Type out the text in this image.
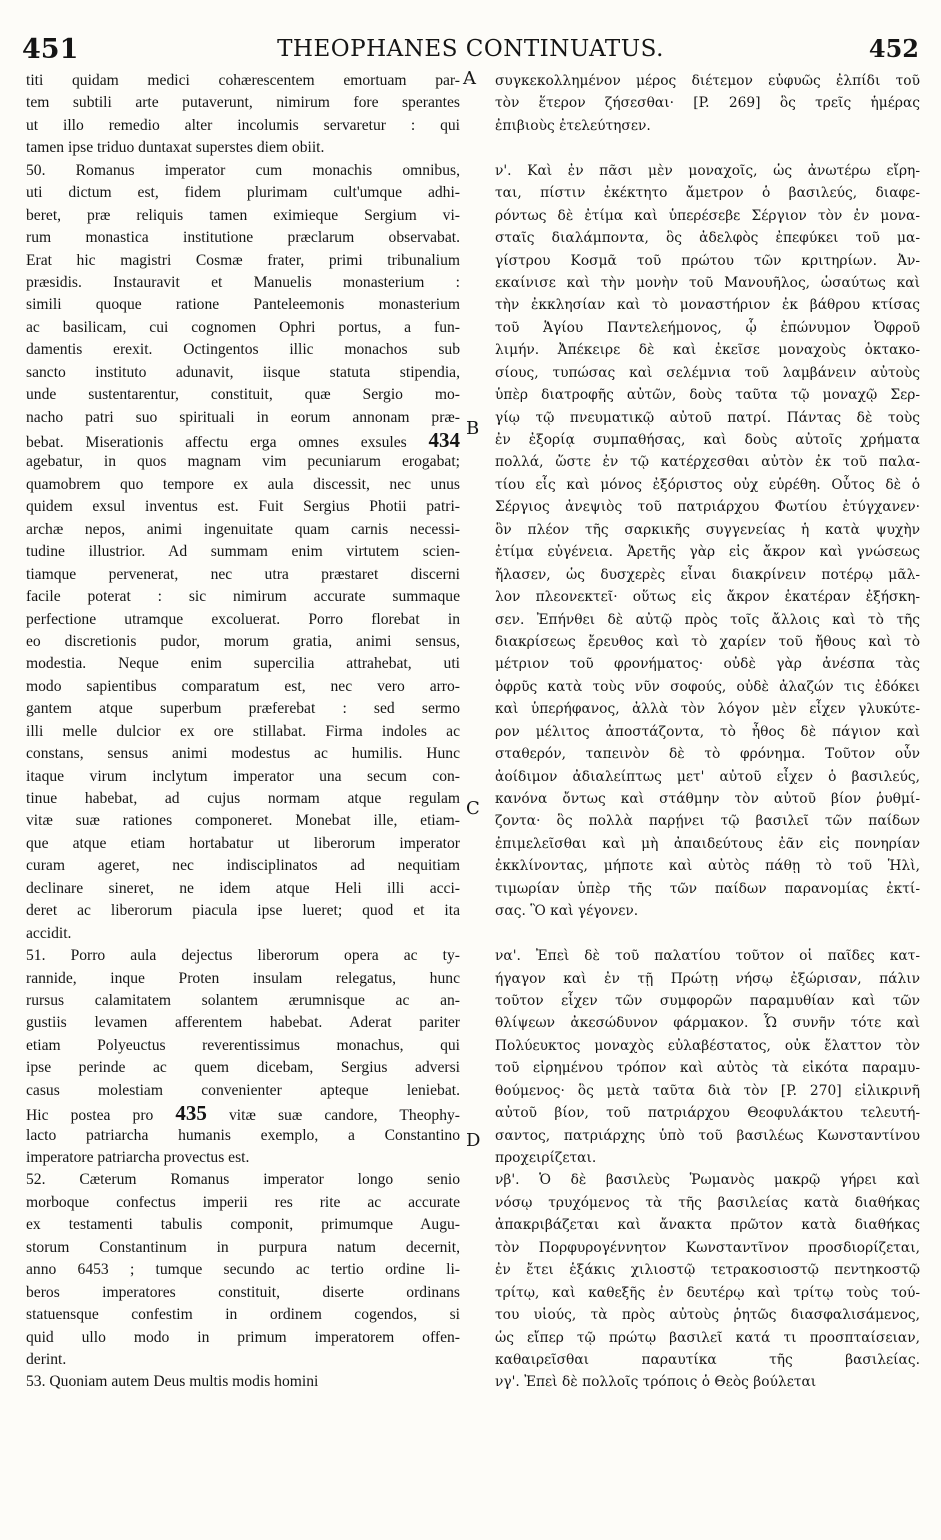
451	THEOPHANES CONTINUATUS.	452
titi quidam medici cohærescentem emortuam par-
tem subtili arte putaverunt, nimirum fore sperantes
ut illo remedio alter incolumis servaretur : qui
tamen ipse triduo duntaxat superstes diem obiit.
50. Romanus imperator cum monachis omnibus,
uti dictum est, fidem plurimam cult'umque adhi-
beret, præ reliquis tamen eximieque Sergium vi-
rum monastica institutione præclarum observabat.
Erat hic magistri Cosmæ frater, primi tribunalium
præsidis. Instauravit et Manuelis monasterium :
simili quoque ratione Panteleemonis monasterium
ac basilicam, cui cognomen Ophri portus, a fun-
damentis erexit. Octingentos illic monachos sub
sancto instituto adunavit, iisque statuta stipendia,
unde sustentarentur, constituit, quæ Sergio mo-
nacho patri suo spirituali in eorum annonam præ-
bebat. Miserationis affectu erga omnes exsules 434
agebatur, in quos magnam vim pecuniarum erogabat;
quamobrem quo tempore ex aula discessit, nec unus
quidem exsul inventus est. Fuit Sergius Photii patri-
archæ nepos, animi ingenuitate quam carnis necessi-
tudine illustrior. Ad summam enim virtutem scien-
tiamque pervenerat, nec utra præstaret discerni
facile poterat : sic nimirum accurate summaque
perfectione utramque excoluerat. Porro florebat in
eo discretionis pudor, morum gratia, animi sensus,
modestia. Neque enim supercilia attrahebat, uti
modo sapientibus comparatum est, nec vero arro-
gantem atque superbum præferebat : sed sermo
illi melle dulcior ex ore stillabat. Firma indoles ac
constans, sensus animi modestus ac humilis. Hunc
itaque virum inclytum imperator una secum con-
tinue habebat, ad cujus normam atque regulam
vitæ suæ rationes componeret. Monebat ille, etiam-
que atque etiam hortabatur ut liberorum imperator
curam ageret, nec indisciplinatos ad nequitiam
declinare sineret, ne idem atque Heli illi acci-
deret ac liberorum piacula ipse lueret; quod et ita
accidit.
51. Porro aula dejectus liberorum opera ac ty-
rannide, inque Proten insulam relegatus, hunc
rursus calamitatem solantem ærumnisque ac an-
gustiis levamen afferentem habebat. Aderat pariter
etiam Polyeuctus reverentissimus monachus, qui
ipse perinde ac quem dicebam, Sergius adversi
casus molestiam convenienter apteque leniebat.
Hic postea pro 435 vitæ suæ candore, Theophy-
lacto patriarcha humanis exemplo, a Constantino
imperatore patriarcha provectus est.
52. Cæterum Romanus imperator longo senio
morboque confectus imperii res rite ac accurate
ex testamenti tabulis componit, primumque Augu-
storum Constantinum in purpura natum decernit,
anno 6453 ; tumque secundo ac tertio ordine li-
beros imperatores constituit, diserte ordinans
statuensque confestim in ordinem cogendos, si
quid ullo modo in primum imperatorem offen-
derint.
53. Quoniam autem Deus multis modis homini
συγκεκολλημένον μέρος διέτεμον εὐφυῶς ἐλπίδι τοῦ
τὸν ἕτερον ζήσεσθαι· [P. 269] ὃς τρεῖς ἡμέρας
ἐπιβιοὺς ἐτελεύτησεν.
ν'. Καὶ ἐν πᾶσι μὲν μοναχοῖς, ὡς ἀνωτέρω εἴρη-
ται, πίστιν ἐκέκτητο ἄμετρον ὁ βασιλεύς, διαφε-
ρόντως δὲ ἐτίμα καὶ ὑπερέσεβε Σέργιον τὸν ἐν μονα-
σταῖς διαλάμποντα, ὃς ἀδελφὸς ἐπεφύκει τοῦ μα-
γίστρου Κοσμᾶ τοῦ πρώτου τῶν κριτηρίων. Ἀν-
εκαίνισε καὶ τὴν μονὴν τοῦ Μανουῆλος, ὡσαύτως καὶ
τὴν ἐκκλησίαν καὶ τὸ μοναστήριον ἐκ βάθρου κτίσας
τοῦ Ἁγίου Παντελεήμονος, ᾧ ἐπώνυμον Ὀφροῦ
λιμήν. Ἀπέκειρε δὲ καὶ ἐκεῖσε μοναχοὺς ὀκτακο-
σίους, τυπώσας καὶ σελέμνια τοῦ λαμβάνειν αὐτοὺς
ὑπὲρ διατροφῆς αὐτῶν, δοὺς ταῦτα τῷ μοναχῷ Σερ-
γίῳ τῷ πνευματικῷ αὐτοῦ πατρί. Πάντας δὲ τοὺς
ἐν ἐξορίᾳ συμπαθήσας, καὶ δοὺς αὐτοῖς χρήματα
πολλά, ὥστε ἐν τῷ κατέρχεσθαι αὐτὸν ἐκ τοῦ παλα-
τίου εἷς καὶ μόνος ἐξόριστος οὐχ εὑρέθη. Οὗτος δὲ ὁ
Σέργιος ἀνεψιὸς τοῦ πατριάρχου Φωτίου ἐτύγχανεν·
ὃν πλέον τῆς σαρκικῆς συγγενείας ἡ κατὰ ψυχὴν
ἐτίμα εὐγένεια. Ἀρετῆς γὰρ εἰς ἄκρον καὶ γνώσεως
ἤλασεν, ὡς δυσχερὲς εἶναι διακρίνειν ποτέρῳ μᾶλ-
λον πλεονεκτεῖ· οὕτως εἰς ἄκρον ἑκατέραν ἐξήσκη-
σεν. Ἐπήνθει δὲ αὐτῷ πρὸς τοῖς ἄλλοις καὶ τὸ τῆς
διακρίσεως ἔρευθος καὶ τὸ χαρίεν τοῦ ἤθους καὶ τὸ
μέτριον τοῦ φρονήματος· οὐδὲ γὰρ ἀνέσπα τὰς
ὀφρῦς κατὰ τοὺς νῦν σοφούς, οὐδὲ ἀλαζών τις ἐδόκει
καὶ ὑπερήφανος, ἀλλὰ τὸν λόγον μὲν εἶχεν γλυκύτε-
ρον μέλιτος ἀποστάζοντα, τὸ ἦθος δὲ πάγιον καὶ
σταθερόν, ταπεινὸν δὲ τὸ φρόνημα. Τοῦτον οὖν
ἀοίδιμον ἀδιαλείπτως μετ' αὐτοῦ εἶχεν ὁ βασιλεύς,
κανόνα ὄντως καὶ στάθμην τὸν αὐτοῦ βίον ῥυθμί-
ζοντα· ὃς πολλὰ παρῄνει τῷ βασιλεῖ τῶν παίδων
ἐπιμελεῖσθαι καὶ μὴ ἀπαιδεύτους ἐᾶν εἰς πονηρίαν
ἐκκλίνοντας, μήποτε καὶ αὐτὸς πάθῃ τὸ τοῦ Ἡλὶ,
τιμωρίαν ὑπὲρ τῆς τῶν παίδων παρανομίας ἐκτί-
σας. Ὃ καὶ γέγονεν.
να'. Ἐπεὶ δὲ τοῦ παλατίου τοῦτον οἱ παῖδες κατ-
ήγαγον καὶ ἐν τῇ Πρώτῃ νήσῳ ἐξώρισαν, πάλιν
τοῦτον εἶχεν τῶν συμφορῶν παραμυθίαν καὶ τῶν
θλίψεων ἀκεσώδυνον φάρμακον. Ὧ συνῆν τότε καὶ
Πολύευκτος μοναχὸς εὐλαβέστατος, οὐκ ἔλαττον τὸν
τοῦ εἰρημένου τρόπον καὶ αὐτὸς τὰ εἰκότα παραμυ-
θούμενος· ὃς μετὰ ταῦτα διὰ τὸν [P. 270] εἰλικρινῆ
αὐτοῦ βίον, τοῦ πατριάρχου Θεοφυλάκτου τελευτή-
σαντος, πατριάρχης ὑπὸ τοῦ βασιλέως Κωνσταντίνου
προχειρίζεται.
νβ'. Ὁ δὲ βασιλεὺς Ῥωμανὸς μακρῷ γήρει καὶ
νόσῳ τρυχόμενος τὰ τῆς βασιλείας κατὰ διαθήκας
ἀπακριβάζεται καὶ ἄνακτα πρῶτον κατὰ διαθήκας
τὸν Πορφυρογέννητον Κωνσταντῖνον προσδιορίζεται,
ἐν ἔτει ἑξάκις χιλιοστῷ τετρακοσιοστῷ πεντηκοστῷ
τρίτῳ, καὶ καθεξῆς ἐν δευτέρῳ καὶ τρίτῳ τοὺς τού-
του υἱούς, τὰ πρὸς αὐτοὺς ῥητῶς διασφαλισάμενος,
ὡς εἴπερ τῷ πρώτῳ βασιλεῖ κατά τι προσπταίσειαν,
καθαιρεῖσθαι παραυτίκα τῆς βασιλείας.
νγ'. Ἐπεὶ δὲ πολλοῖς τρόποις ὁ Θεὸς βούλεται
A
B
C
D
